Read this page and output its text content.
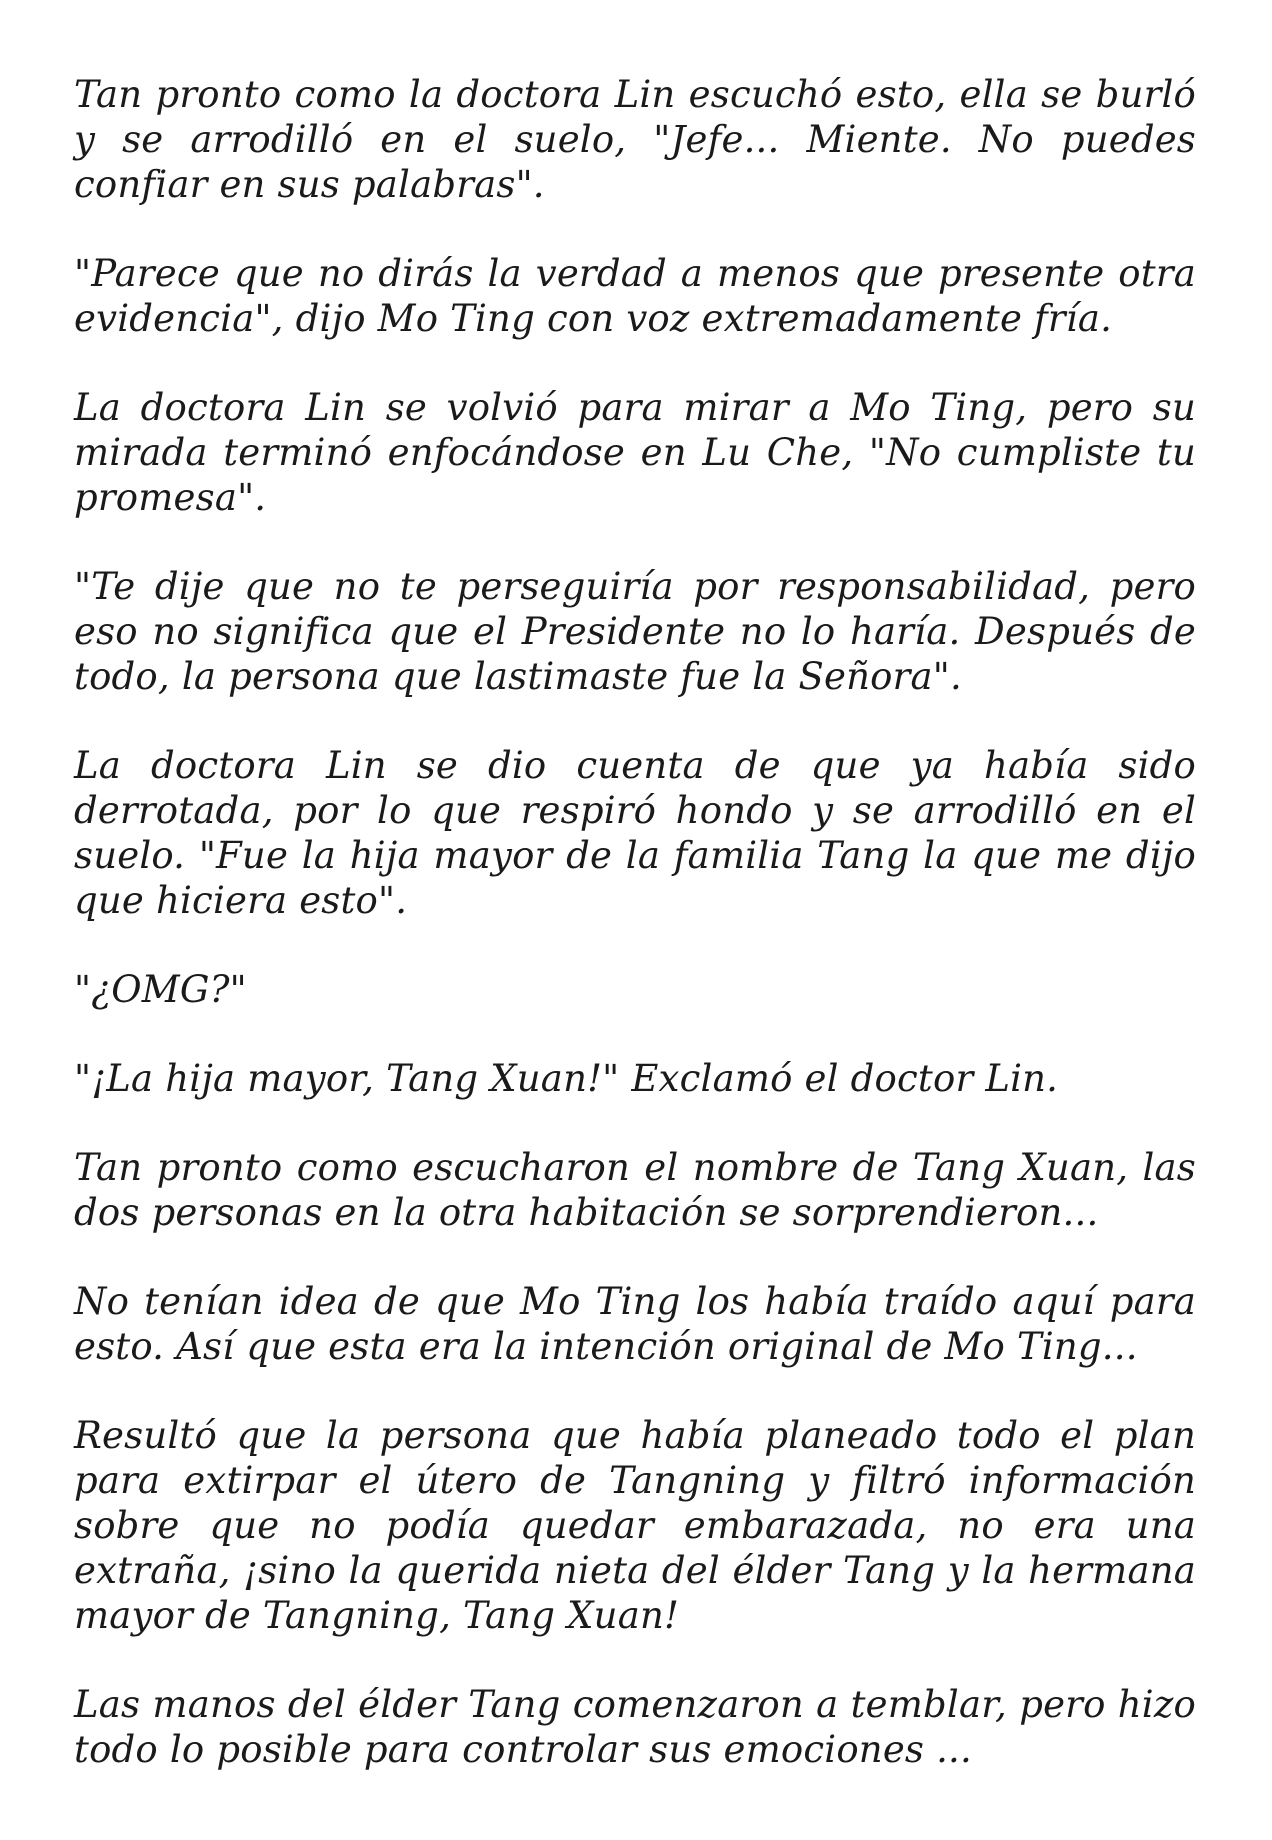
Tan pronto como la doctora Lin escuchó esto, ella se burló y se arrodilló en el suelo, "Jefe... Miente. No puedes confiar en sus palabras".

"Parece que no dirás la verdad a menos que presente otra evidencia", dijo Mo Ting con voz extremadamente fría.

La doctora Lin se volvió para mirar a Mo Ting, pero su mirada terminó enfocándose en Lu Che, "No cumpliste tu promesa".

"Te dije que no te perseguiría por responsabilidad, pero eso no significa que el Presidente no lo haría. Después de todo, la persona que lastimaste fue la Señora".

La doctora Lin se dio cuenta de que ya había sido derrotada, por lo que respiró hondo y se arrodilló en el suelo. "Fue la hija mayor de la familia Tang la que me dijo que hiciera esto".

"¿OMG?"

"¡La hija mayor, Tang Xuan!" Exclamó el doctor Lin.

Tan pronto como escucharon el nombre de Tang Xuan, las dos personas en la otra habitación se sorprendieron...

No tenían idea de que Mo Ting los había traído aquí para esto. Así que esta era la intención original de Mo Ting...

Resultó que la persona que había planeado todo el plan para extirpar el útero de Tangning y filtró información sobre que no podía quedar embarazada, no era una extraña, ¡sino la querida nieta del élder Tang y la hermana mayor de Tangning, Tang Xuan!

Las manos del élder Tang comenzaron a temblar, pero hizo todo lo posible para controlar sus emociones ...
